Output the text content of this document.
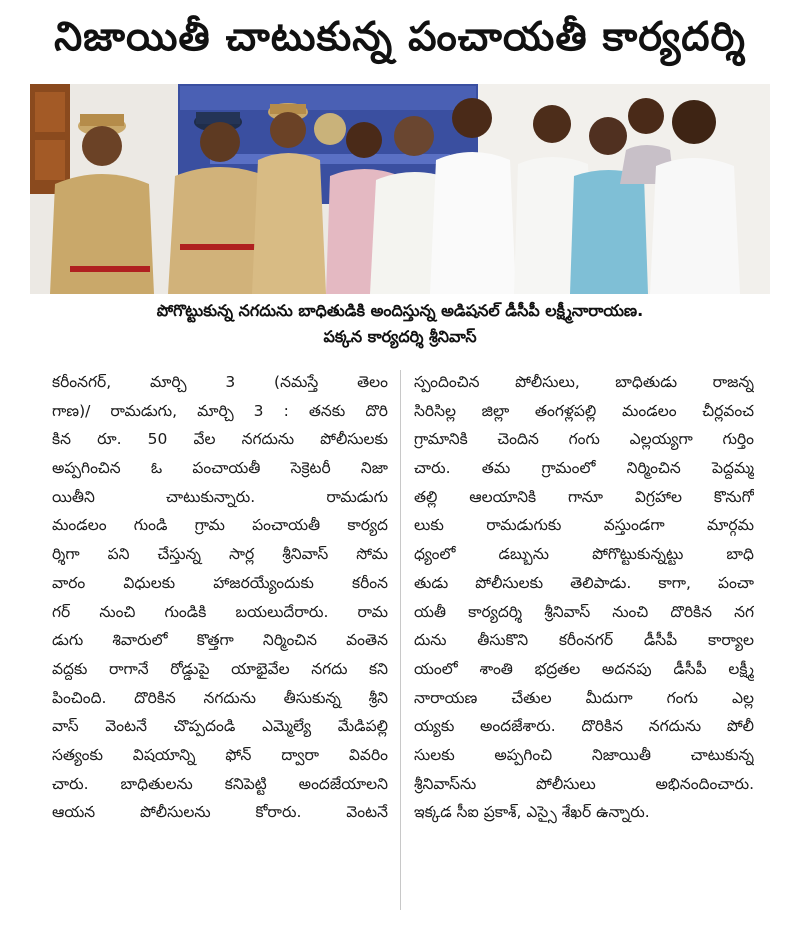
నిజాయితీ చాటుకున్న పంచాయతీ కార్యదర్శి
పోగొట్టుకున్న నగదును బాధితుడికి అందిస్తున్న అడిషనల్ డీసీపీ లక్ష్మీనారాయణ.
పక్కన కార్యదర్శి శ్రీనివాస్
కరీంనగర్, మార్చి 3 (నమస్తే తెలం
గాణ)/ రామడుగు, మార్చి 3 : తనకు దొరి
కిన రూ. 50 వేల నగదును పోలీసులకు
అప్పగించిన ఓ పంచాయతీ సెక్రెటరీ నిజా
యితీని చాటుకున్నారు. రామడుగు
మండలం గుండి గ్రామ పంచాయతీ కార్యద
ర్శిగా పని చేస్తున్న సార్ల శ్రీనివాస్ సోమ
వారం విధులకు హాజరయ్యేందుకు కరీంన
గర్ నుంచి గుండికి బయలుదేరారు. రామ
డుగు శివారులో కొత్తగా నిర్మించిన వంతెన
వద్దకు రాగానే రోడ్డుపై యాభైవేల నగదు కని
పించింది. దొరికిన నగదును తీసుకున్న శ్రీని
వాస్ వెంటనే చొప్పదండి ఎమ్మెల్యే మేడిపల్లి
సత్యంకు విషయాన్ని ఫోన్ ద్వారా వివరిం
చారు. బాధితులను కనిపెట్టి అందజేయాలని
ఆయన పోలీసులను కోరారు. వెంటనే
స్పందించిన పోలీసులు, బాధితుడు రాజన్న
సిరిసిల్ల జిల్లా తంగళ్లపల్లి మండలం చీర్లవంచ
గ్రామానికి చెందిన గంగు ఎల్లయ్యగా గుర్తిం
చారు. తమ గ్రామంలో నిర్మించిన పెద్దమ్మ
తల్లి ఆలయానికి గానూ విగ్రహాల కొనుగో
లుకు రామడుగుకు వస్తుండగా మార్గమ
ధ్యంలో డబ్బును పోగొట్టుకున్నట్టు బాధి
తుడు పోలీసులకు తెలిపాడు. కాగా, పంచా
యతీ కార్యదర్శి శ్రీనివాస్ నుంచి దొరికిన నగ
దును తీసుకొని కరీంనగర్ డీసీపీ కార్యాల
యంలో శాంతి భద్రతల అదనపు డీసీపీ లక్ష్మీ
నారాయణ చేతుల మీదుగా గంగు ఎల్ల
య్యకు అందజేశారు. దొరికిన నగదును పోలీ
సులకు అప్పగించి నిజాయితీ చాటుకున్న
శ్రీనివాస్‌ను పోలీసులు అభినందించారు.
ఇక్కడ సీఐ ప్రకాశ్, ఎస్సై శేఖర్ ఉన్నారు.
